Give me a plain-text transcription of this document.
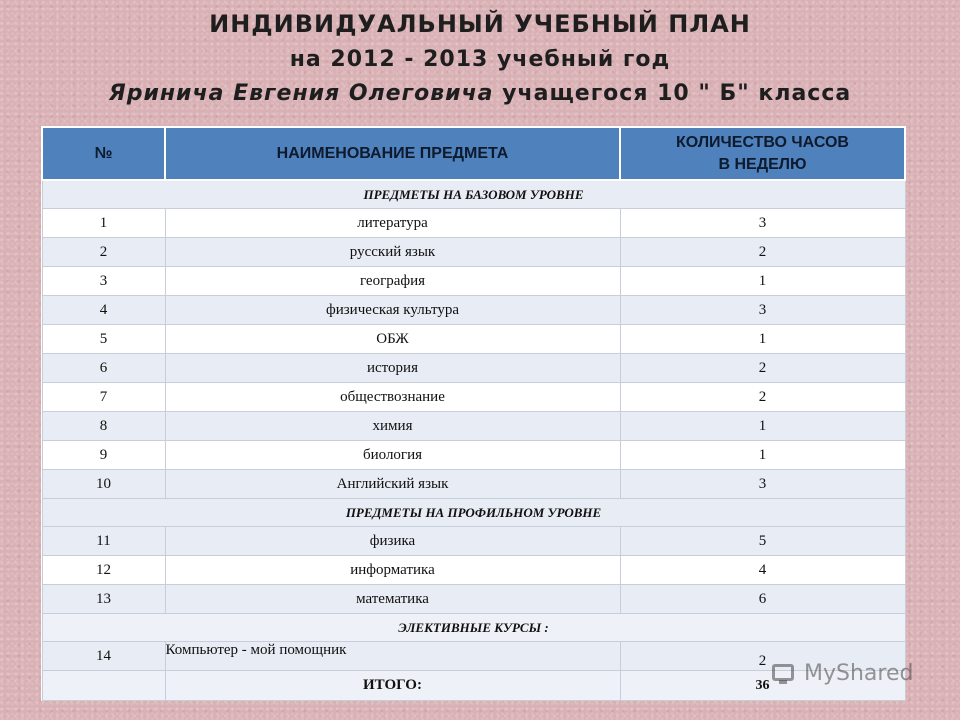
ИНДИВИДУАЛЬНЫЙ УЧЕБНЫЙ ПЛАН
на 2012 - 2013 учебный год
Яринича Евгения Олеговича учащегося 10 " Б" класса
№	НАИМЕНОВАНИЕ ПРЕДМЕТА	КОЛИЧЕСТВО ЧАСОВ
В НЕДЕЛЮ

ПРЕДМЕТЫ НА БАЗОВОМ УРОВНЕ		
1	литература	3
2	русский язык	2
3	география	1
4	физическая культура	3
5	ОБЖ	1
6	история	2
7	обществознание	2
8	химия	1
9	биология	1
10	Английский язык	3
ПРЕДМЕТЫ НА ПРОФИЛЬНОМ УРОВНЕ		
11	физика	5
12	информатика	4
13	математика	6
ЭЛЕКТИВНЫЕ КУРСЫ :		
14	Компьютер - мой помощник	2
	ИТОГО:	36 MyShared
